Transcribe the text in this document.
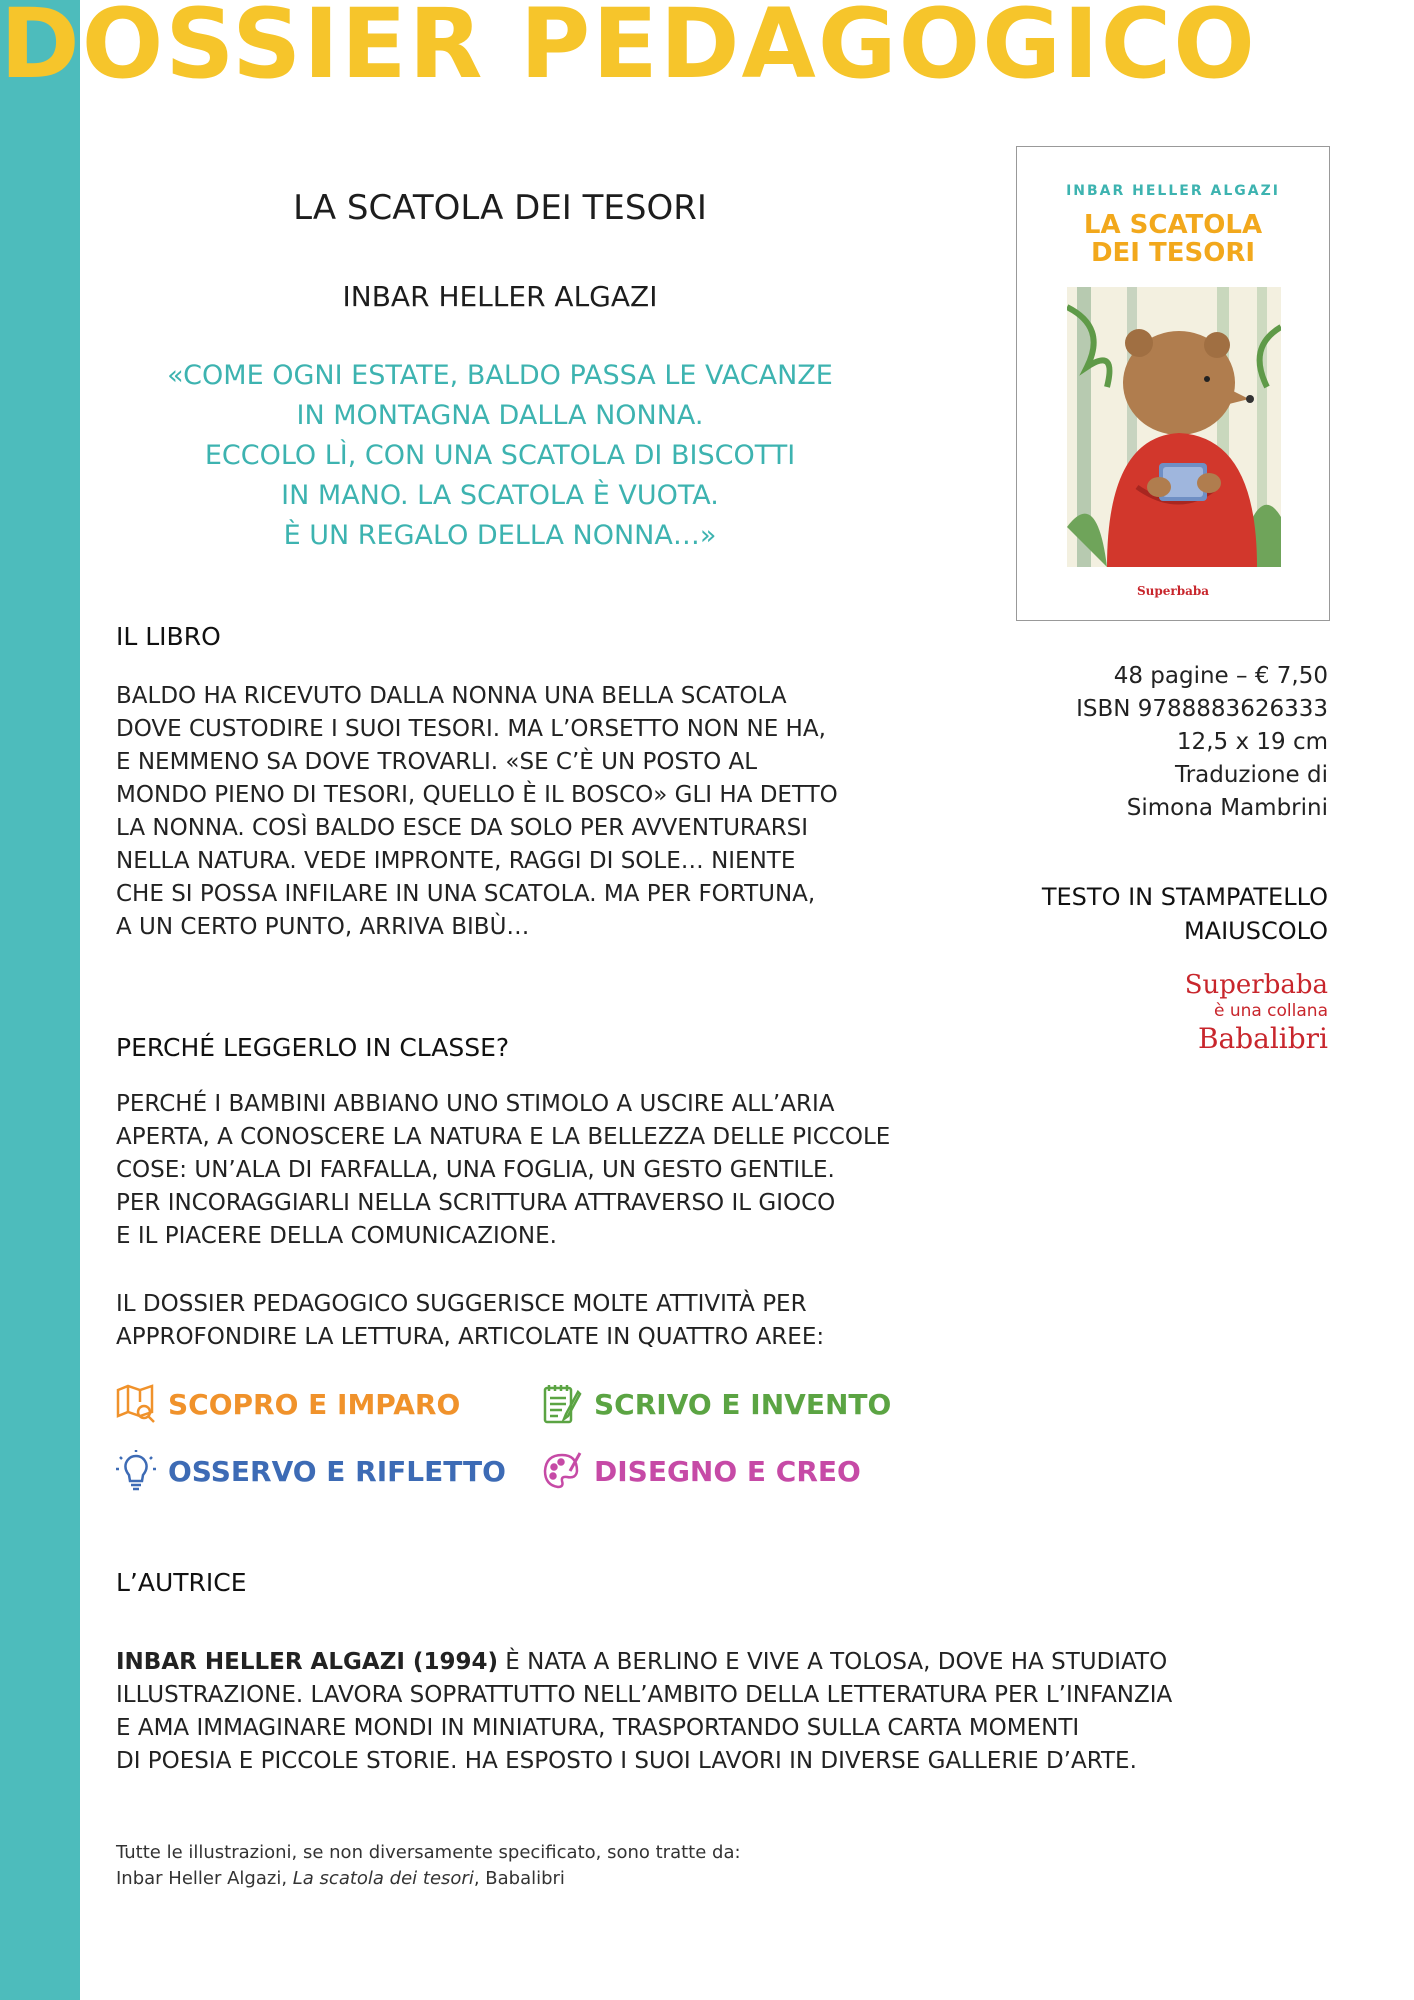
DOSSIER PEDAGOGICO
LA SCATOLA DEI TESORI

INBAR HELLER ALGAZI

«COME OGNI ESTATE, BALDO PASSA LE VACANZE
IN MONTAGNA DALLA NONNA.
ECCOLO LÌ, CON UNA SCATOLA DI BISCOTTI
IN MANO. LA SCATOLA È VUOTA.
È UN REGALO DELLA NONNA…»

INBAR HELLER ALGAZI
LA SCATOLA
DEI TESORI
Superbaba
48 pagine – € 7,50
ISBN 9788883626333
12,5 x 19 cm
Traduzione di
Simona Mambrini
TESTO IN STAMPATELLO
MAIUSCOLO
Superbaba
è una collana
Babalibri
IL LIBRO

BALDO HA RICEVUTO DALLA NONNA UNA BELLA SCATOLA
DOVE CUSTODIRE I SUOI TESORI. MA L’ORSETTO NON NE HA,
E NEMMENO SA DOVE TROVARLI. «SE C’È UN POSTO AL
MONDO PIENO DI TESORI, QUELLO È IL BOSCO» GLI HA DETTO
LA NONNA. COSÌ BALDO ESCE DA SOLO PER AVVENTURARSI
NELLA NATURA. VEDE IMPRONTE, RAGGI DI SOLE… NIENTE
CHE SI POSSA INFILARE IN UNA SCATOLA. MA PER FORTUNA,
A UN CERTO PUNTO, ARRIVA BIBÙ…

PERCHÉ LEGGERLO IN CLASSE?

PERCHÉ I BAMBINI ABBIANO UNO STIMOLO A USCIRE ALL’ARIA
APERTA, A CONOSCERE LA NATURA E LA BELLEZZA DELLE PICCOLE
COSE: UN’ALA DI FARFALLA, UNA FOGLIA, UN GESTO GENTILE.
PER INCORAGGIARLI NELLA SCRITTURA ATTRAVERSO IL GIOCO
E IL PIACERE DELLA COMUNICAZIONE.

IL DOSSIER PEDAGOGICO SUGGERISCE MOLTE ATTIVITÀ PER
APPROFONDIRE LA LETTURA, ARTICOLATE IN QUATTRO AREE:

SCOPRO E IMPARO	SCRIVO E INVENTO
OSSERVO E RIFLETTO	DISEGNO E CREO
L’AUTRICE

INBAR HELLER ALGAZI (1994) È NATA A BERLINO E VIVE A TOLOSA, DOVE HA STUDIATO
ILLUSTRAZIONE. LAVORA SOPRATTUTTO NELL’AMBITO DELLA LETTERATURA PER L’INFANZIA
E AMA IMMAGINARE MONDI IN MINIATURA, TRASPORTANDO SULLA CARTA MOMENTI
DI POESIA E PICCOLE STORIE. HA ESPOSTO I SUOI LAVORI IN DIVERSE GALLERIE D’ARTE.

Tutte le illustrazioni, se non diversamente specificato, sono tratte da:
Inbar Heller Algazi, La scatola dei tesori, Babalibri
